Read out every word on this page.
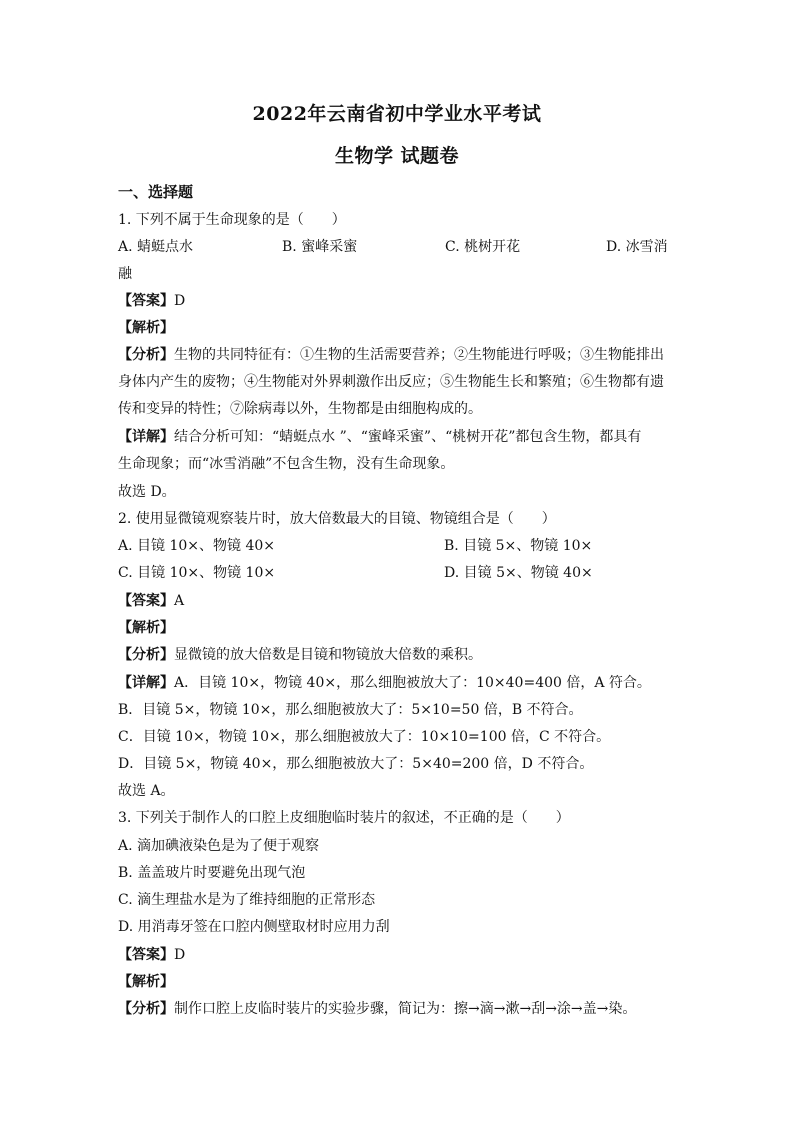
2022年云南省初中学业水平考试
生物学 试题卷
一、选择题
1. 下列不属于生命现象的是（　　）
A. 蜻蜓点水	B. 蜜峰采蜜	C. 桃树开花	D. 冰雪消
融
【答案】D
【解析】
【分析】生物的共同特征有：①生物的生活需要营养；②生物能进行呼吸；③生物能排出
身体内产生的废物；④生物能对外界刺激作出反应；⑤生物能生长和繁殖；⑥生物都有遗
传和变异的特性；⑦除病毒以外，生物都是由细胞构成的。
【详解】结合分析可知：“蜻蜓点水 ”、“蜜峰采蜜”、“桃树开花”都包含生物，都具有
生命现象；而“冰雪消融”不包含生物，没有生命现象。
故选 D。
2. 使用显微镜观察装片时，放大倍数最大的目镜、物镜组合是（　　）
A. 目镜 10×、物镜 40×	B. 目镜 5×、物镜 10×
C. 目镜 10×、物镜 10×	D. 目镜 5×、物镜 40×
【答案】A
【解析】
【分析】显微镜的放大倍数是目镜和物镜放大倍数的乘积。
【详解】A．目镜 10×，物镜 40×，那么细胞被放大了：10×40=400 倍，A 符合。
B．目镜 5×，物镜 10×，那么细胞被放大了：5×10=50 倍，B 不符合。
C．目镜 10×，物镜 10×，那么细胞被放大了：10×10=100 倍，C 不符合。
D．目镜 5×，物镜 40×，那么细胞被放大了：5×40=200 倍，D 不符合。
故选 A。
3. 下列关于制作人的口腔上皮细胞临时装片的叙述，不正确的是（　　）
A. 滴加碘液染色是为了便于观察
B. 盖盖玻片时要避免出现气泡
C. 滴生理盐水是为了维持细胞的正常形态
D. 用消毒牙签在口腔内侧壁取材时应用力刮
【答案】D
【解析】
【分析】制作口腔上皮临时装片的实验步骤，简记为：擦→滴→漱→刮→涂→盖→染。
